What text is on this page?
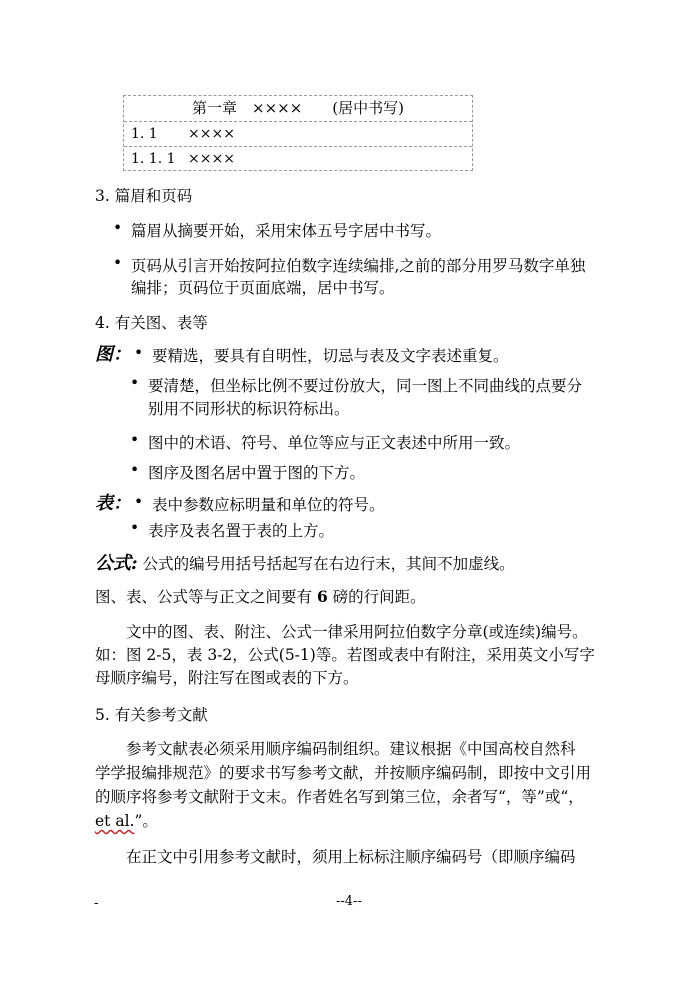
第一章　××××　　(居中书写)
1. 1 ××××
1. 1. 1 ××××
3. 篇眉和页码
• 篇眉从摘要开始，采用宋体五号字居中书写。
• 页码从引言开始按阿拉伯数字连续编排,之前的部分用罗马数字单独
编排；页码位于页面底端，居中书写。
4. 有关图、表等
图： • 要精选，要具有自明性，切忌与表及文字表述重复。
• 要清楚，但坐标比例不要过份放大，同一图上不同曲线的点要分
别用不同形状的标识符标出。
• 图中的术语、符号、单位等应与正文表述中所用一致。
• 图序及图名居中置于图的下方。
表： • 表中参数应标明量和单位的符号。
• 表序及表名置于表的上方。
公式: 公式的编号用括号括起写在右边行末，其间不加虚线。
图、表、公式等与正文之间要有 6 磅的行间距。
文中的图、表、附注、公式一律采用阿拉伯数字分章(或连续)编号。
如：图 2-5，表 3-2，公式(5-1)等。若图或表中有附注，采用英文小写字
母顺序编号，附注写在图或表的下方。
5. 有关参考文献
参考文献表必须采用顺序编码制组织。建议根据《中国高校自然科
学学报编排规范》的要求书写参考文献，并按顺序编码制，即按中文引用
的顺序将参考文献附于文末。作者姓名写到第三位，余者写“，等”或“，
et al.”。
在正文中引用参考文献时，须用上标标注顺序编码号（即顺序编码
-	--4--
